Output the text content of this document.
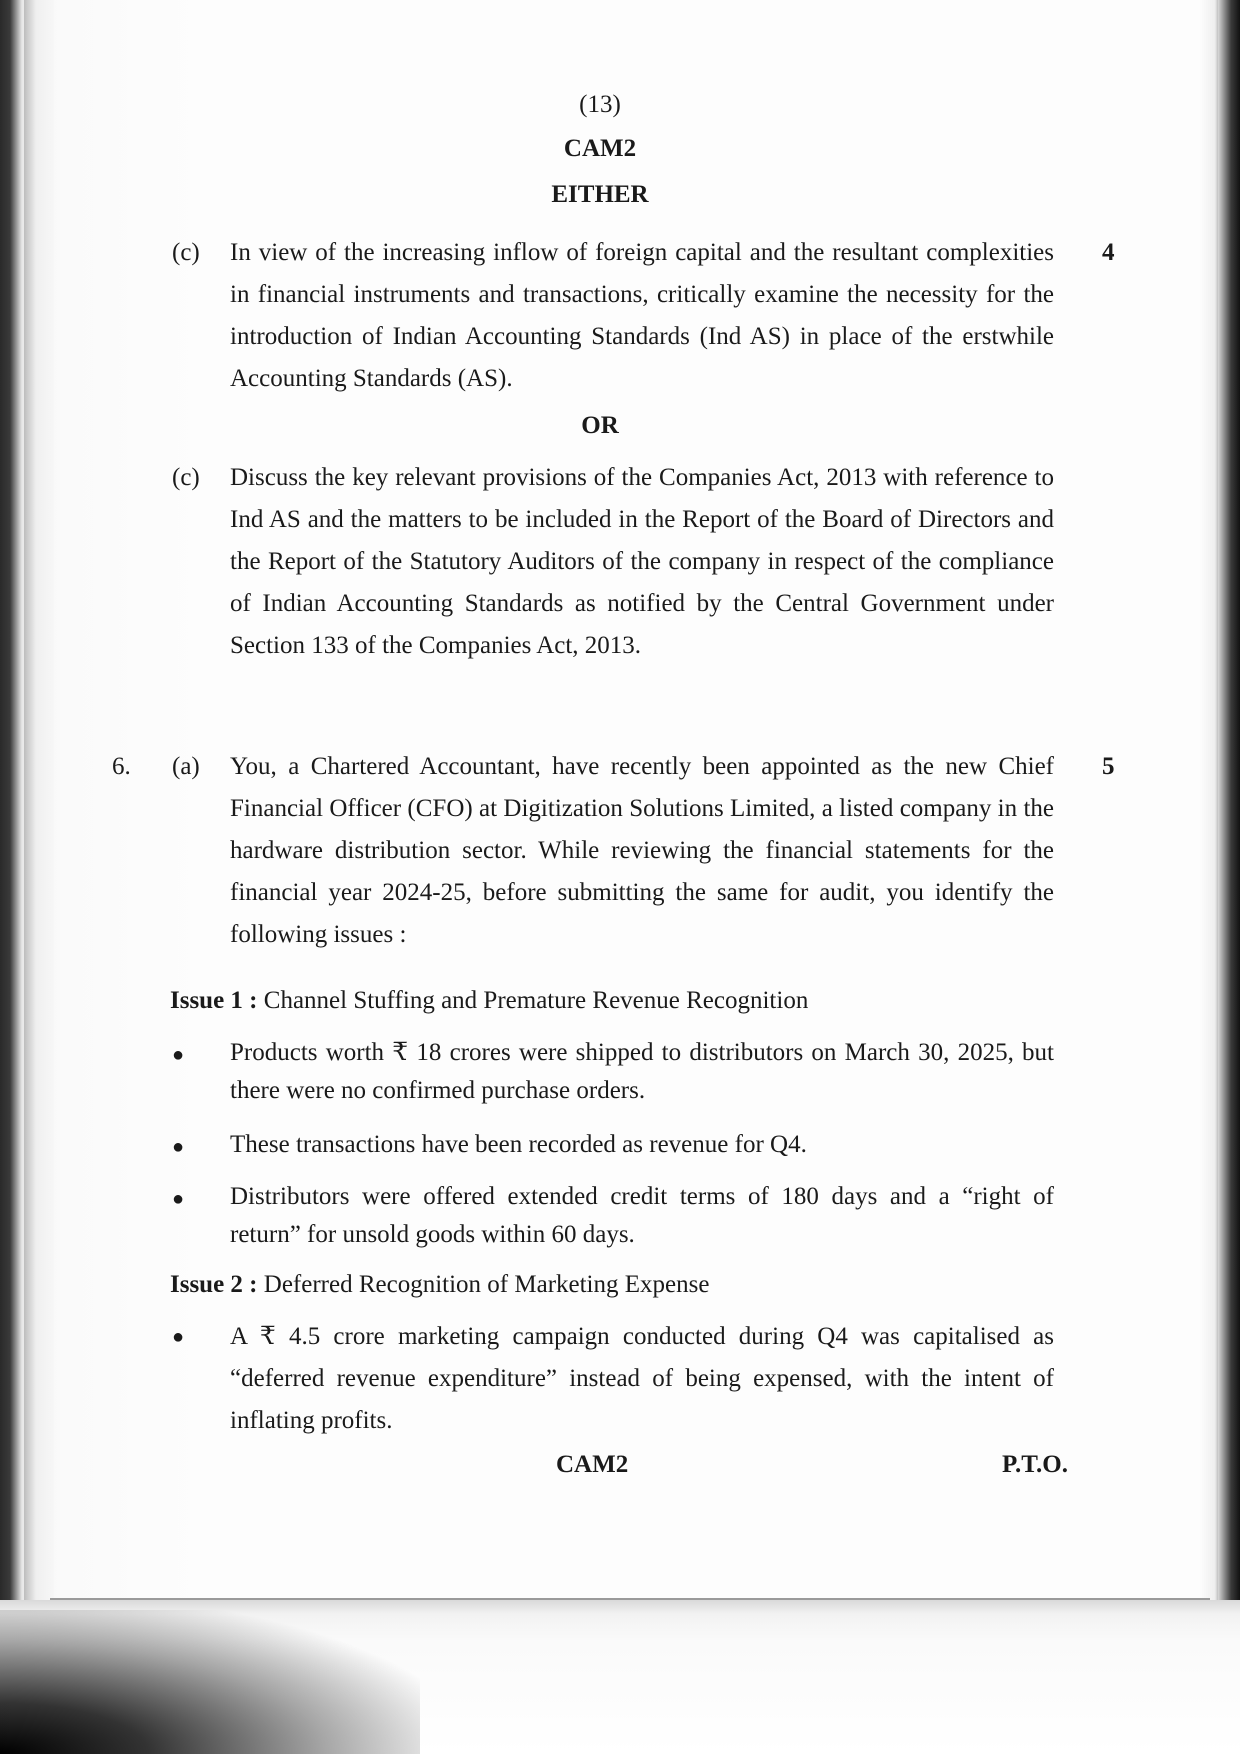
(13)
CAM2
EITHER
(c) In view of the increasing inflow of foreign capital and the resultant complexities in financial instruments and transactions, critically examine the necessity for the introduction of Indian Accounting Standards (Ind AS) in place of the erstwhile Accounting Standards (AS).
4
OR
(c) Discuss the key relevant provisions of the Companies Act, 2013 with reference to Ind AS and the matters to be included in the Report of the Board of Directors and the Report of the Statutory Auditors of the company in respect of the compliance of Indian Accounting Standards as notified by the Central Government under Section 133 of the Companies Act, 2013.
6. (a) You, a Chartered Accountant, have recently been appointed as the new Chief Financial Officer (CFO) at Digitization Solutions Limited, a listed company in the hardware distribution sector. While reviewing the financial statements for the financial year 2024-25, before submitting the same for audit, you identify the following issues :
5
Issue 1 : Channel Stuffing and Premature Revenue Recognition
● Products worth ₹ 18 crores were shipped to distributors on March 30, 2025, but there were no confirmed purchase orders.
● These transactions have been recorded as revenue for Q4.
● Distributors were offered extended credit terms of 180 days and a “right of return” for unsold goods within 60 days.
Issue 2 : Deferred Recognition of Marketing Expense
● A ₹ 4.5 crore marketing campaign conducted during Q4 was capitalised as “deferred revenue expenditure” instead of being expensed, with the intent of inflating profits.
CAM2	P.T.O.
